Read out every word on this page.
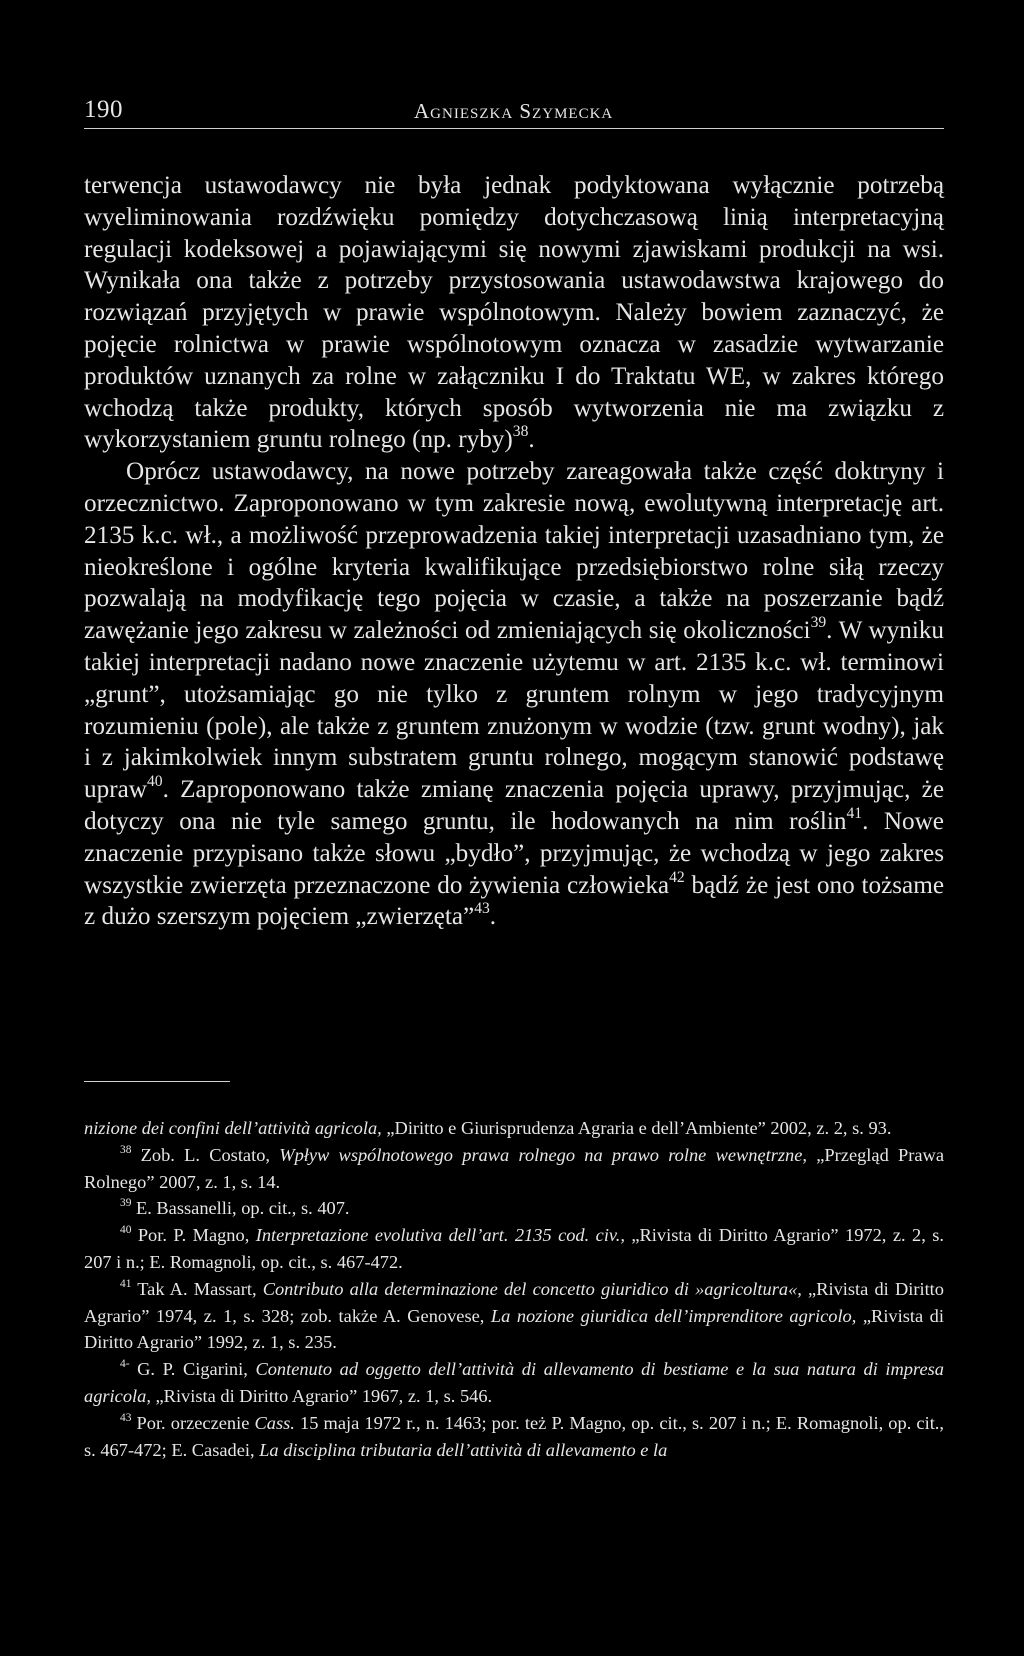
190	Agnieszka Szymecka

terwencja ustawodawcy nie była jednak podyktowana wyłącznie potrzebą wyeliminowania rozdźwięku pomiędzy dotychczasową linią interpretacyjną regulacji kodeksowej a pojawiającymi się nowymi zjawiskami produkcji na wsi. Wynikała ona także z potrzeby przystosowania ustawodawstwa krajowego do rozwiązań przyjętych w prawie wspólnotowym. Należy bowiem zaznaczyć, że pojęcie rolnictwa w prawie wspólnotowym oznacza w zasadzie wytwarzanie produktów uznanych za rolne w załączniku I do Traktatu WE, w zakres którego wchodzą także produkty, których sposób wytworzenia nie ma związku z wykorzystaniem gruntu rolnego (np. ryby)$^{38}$.

Oprócz ustawodawcy, na nowe potrzeby zareagowała także część doktryny i orzecznictwo. Zaproponowano w tym zakresie nową, ewolutywną interpretację art. 2135 k.c. wł., a możliwość przeprowadzenia takiej interpretacji uzasadniano tym, że nieokreślone i ogólne kryteria kwalifikujące przedsiębiorstwo rolne siłą rzeczy pozwalają na modyfikację tego pojęcia w czasie, a także na poszerzanie bądź zawężanie jego zakresu w zależności od zmieniających się okoliczności$^{39}$. W wyniku takiej interpretacji nadano nowe znaczenie użytemu w art. 2135 k.c. wł. terminowi „grunt”, utożsamiając go nie tylko z gruntem rolnym w jego tradycyjnym rozumieniu (pole), ale także z gruntem znużonym w wodzie (tzw. grunt wodny), jak i z jakimkolwiek innym substratem gruntu rolnego, mogącym stanowić podstawę upraw$^{40}$. Zaproponowano także zmianę znaczenia pojęcia uprawy, przyjmując, że dotyczy ona nie tyle samego gruntu, ile hodowanych na nim roślin$^{41}$. Nowe znaczenie przypisano także słowu „bydło”, przyjmując, że wchodzą w jego zakres wszystkie zwierzęta przeznaczone do żywienia człowieka$^{42}$ bądź że jest ono tożsame z dużo szerszym pojęciem „zwierzęta”$^{43}$.

nizione dei confini dell’attività agricola, „Diritto e Giurisprudenza Agraria e dell’Ambiente” 2002, z. 2, s. 93.

$^{38}$ Zob. L. Costato, Wpływ wspólnotowego prawa rolnego na prawo rolne wewnętrzne, „Przegląd Prawa Rolnego” 2007, z. 1, s. 14.

$^{39}$ E. Bassanelli, op. cit., s. 407.

$^{40}$ Por. P. Magno, Interpretazione evolutiva dell’art. 2135 cod. civ., „Rivista di Diritto Agrario” 1972, z. 2, s. 207 i n.; E. Romagnoli, op. cit., s. 467-472.

$^{41}$ Tak A. Massart, Contributo alla determinazione del concetto giuridico di »agricoltura«, „Rivista di Diritto Agrario” 1974, z. 1, s. 328; zob. także A. Genovese, La nozione giuridica dell’imprenditore agricolo, „Rivista di Diritto Agrario” 1992, z. 1, s. 235.

$^{4-}$ G. P. Cigarini, Contenuto ad oggetto dell’attività di allevamento di bestiame e la sua natura di impresa agricola, „Rivista di Diritto Agrario” 1967, z. 1, s. 546.

$^{43}$ Por. orzeczenie Cass. 15 maja 1972 r., n. 1463; por. też P. Magno, op. cit., s. 207 i n.; E. Romagnoli, op. cit., s. 467-472; E. Casadei, La disciplina tributaria dell’attività di allevamento e la
